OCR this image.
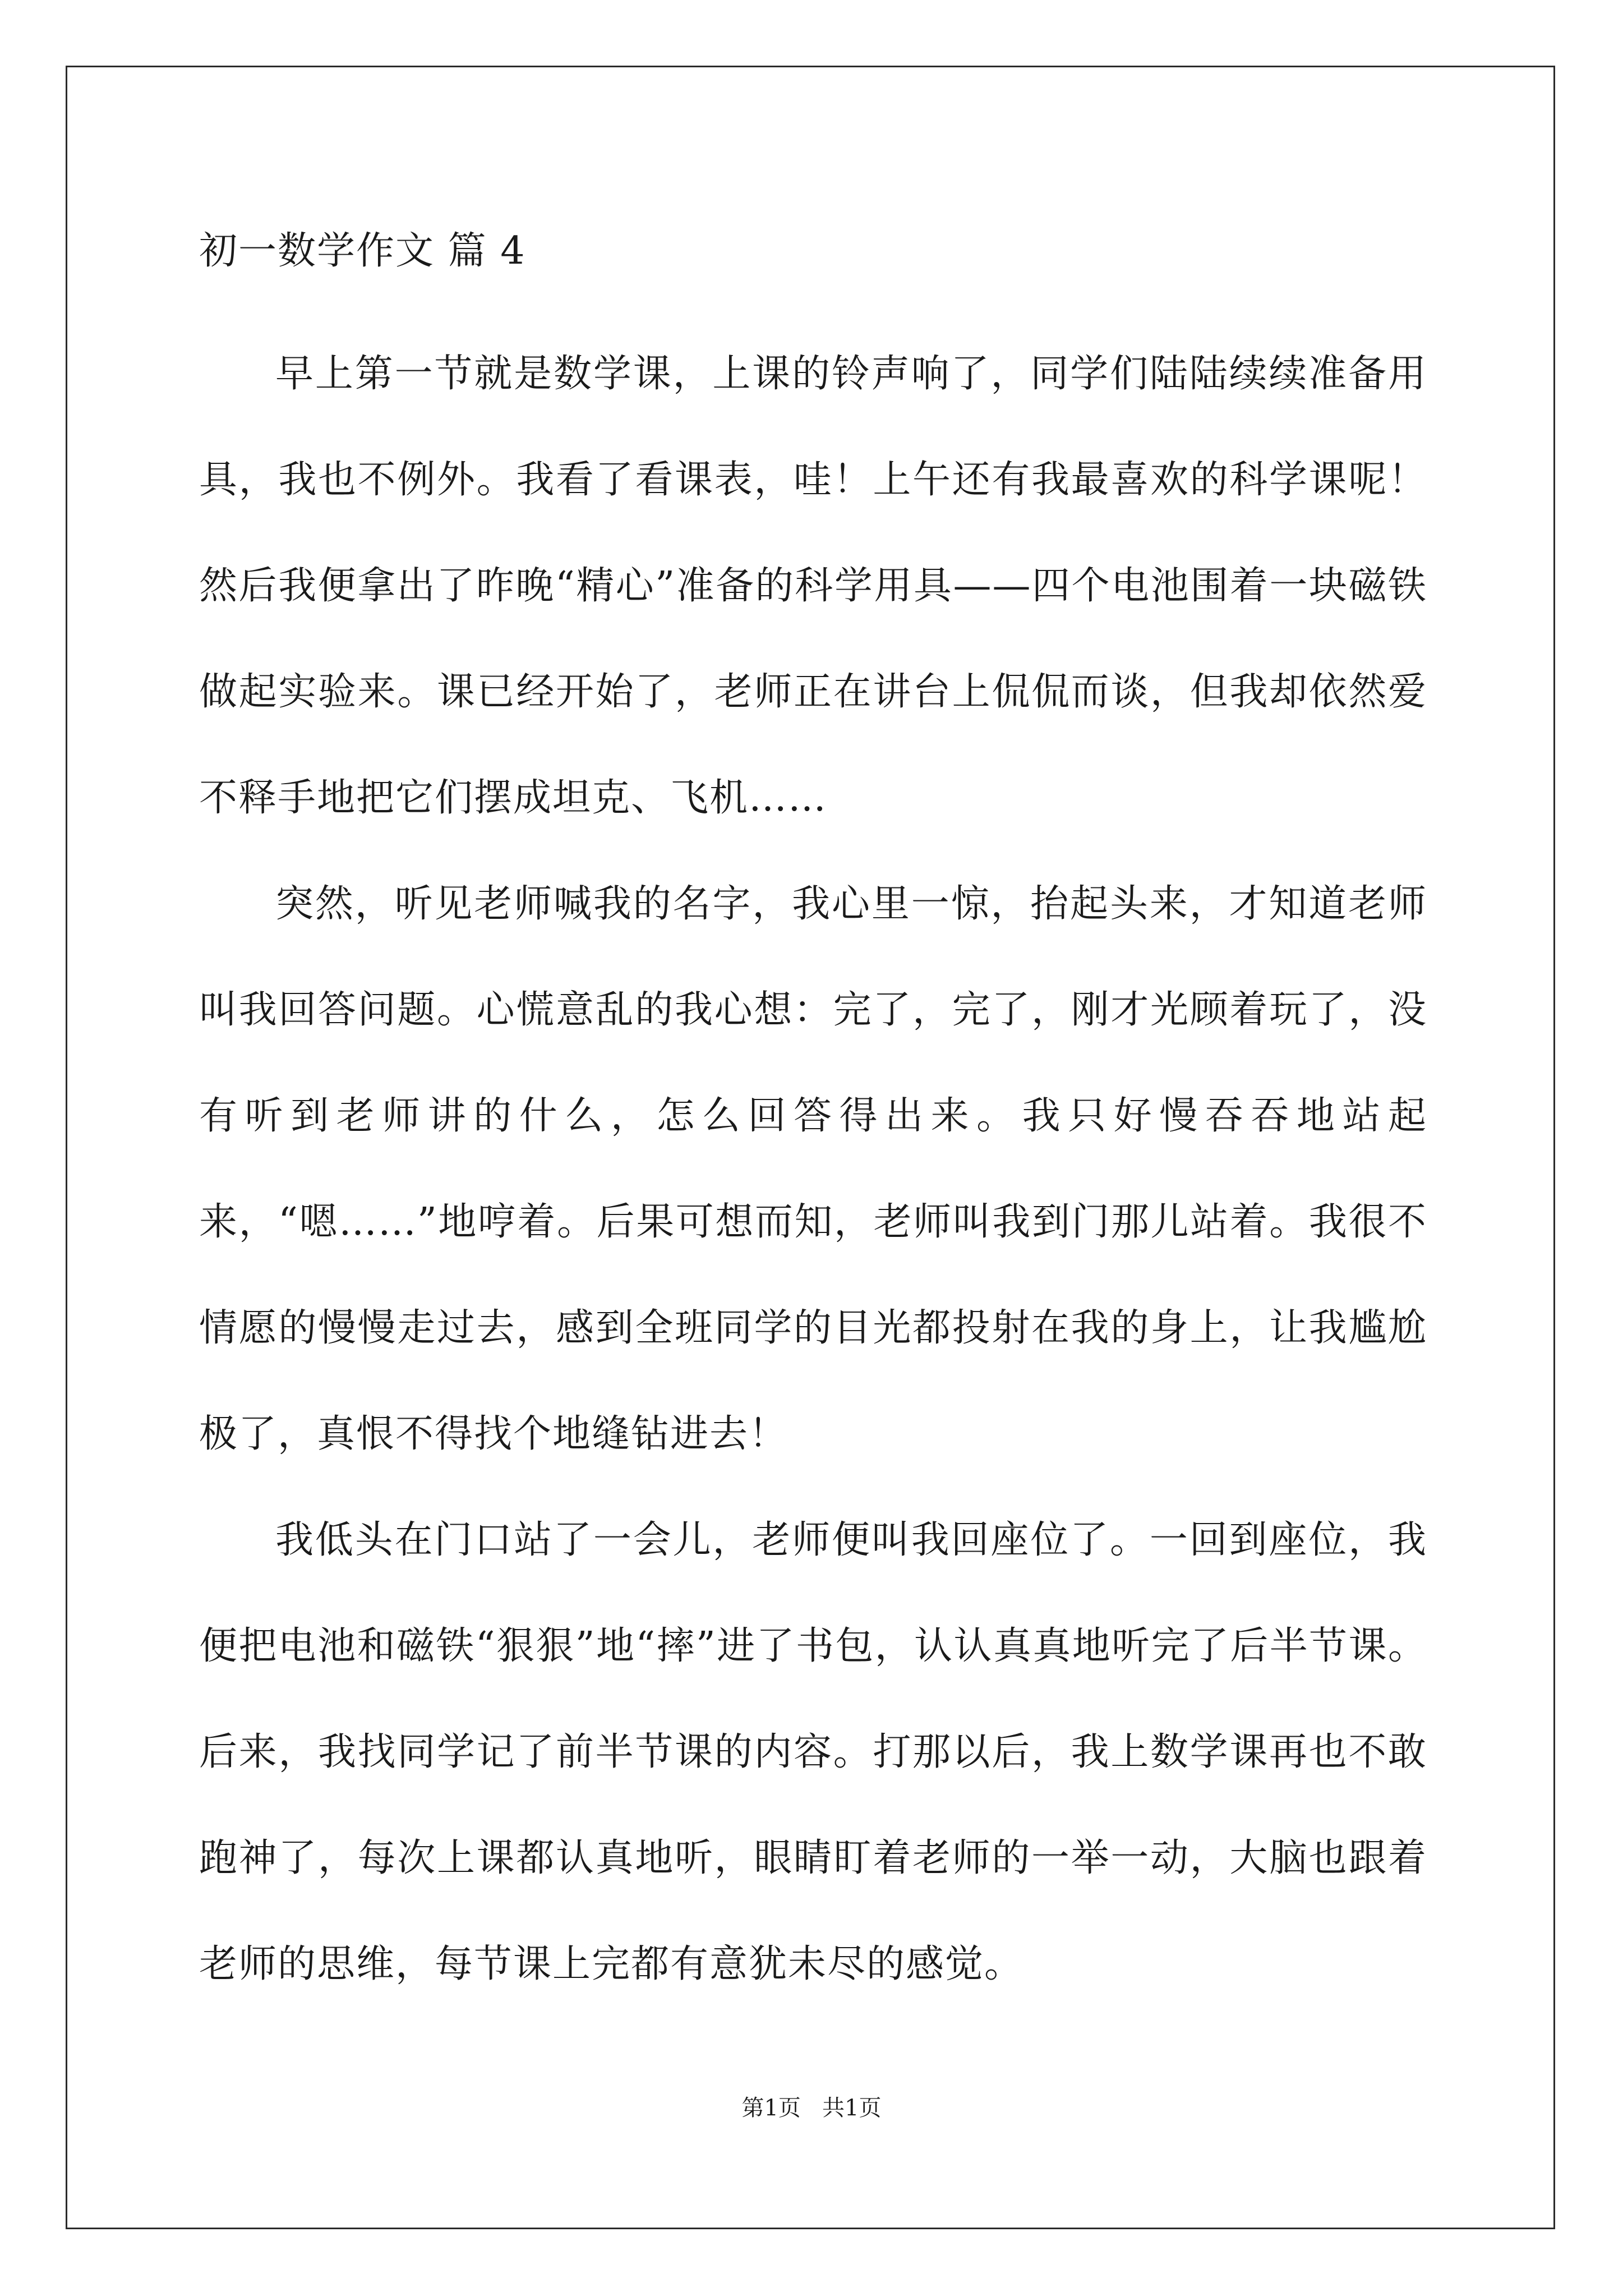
初一数学作文 篇 4

早上第一节就是数学课，上课的铃声响了，同学们陆陆续续准备用具，我也不例外。我看了看课表，哇！上午还有我最喜欢的科学课呢！然后我便拿出了昨晚“精心”准备的科学用具——四个电池围着一块磁铁做起实验来。课已经开始了，老师正在讲台上侃侃而谈，但我却依然爱不释手地把它们摆成坦克、飞机……

突然，听见老师喊我的名字，我心里一惊，抬起头来，才知道老师叫我回答问题。心慌意乱的我心想：完了，完了，刚才光顾着玩了，没有听到老师讲的什么，怎么回答得出来。我只好慢吞吞地站起来，“嗯……”地哼着。后果可想而知，老师叫我到门那儿站着。我很不情愿的慢慢走过去，感到全班同学的目光都投射在我的身上，让我尴尬极了，真恨不得找个地缝钻进去！

我低头在门口站了一会儿，老师便叫我回座位了。一回到座位，我便把电池和磁铁“狠狠”地“摔”进了书包，认认真真地听完了后半节课。后来，我找同学记了前半节课的内容。打那以后，我上数学课再也不敢跑神了，每次上课都认真地听，眼睛盯着老师的一举一动，大脑也跟着老师的思维，每节课上完都有意犹未尽的感觉。

第1页   共1页
